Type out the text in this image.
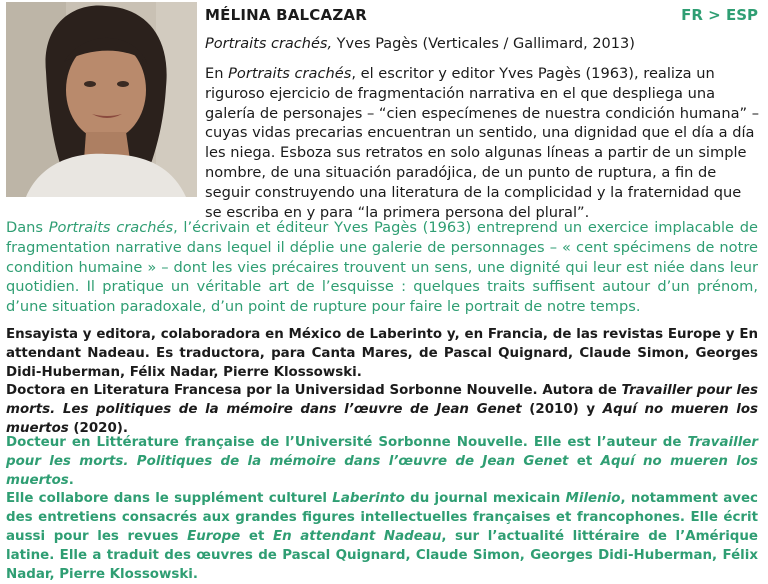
MÉLINA BALCAZAR	FR > ESP

Portraits crachés, Yves Pagès (Verticales / Gallimard, 2013)

En Portraits crachés, el escritor y editor Yves Pagès (1963), realiza un riguroso ejercicio de fragmentación narrativa en el que despliega una galería de personajes – “cien especímenes de nuestra condición humana” – cuyas vidas precarias encuentran un sentido, una dignidad que el día a día les niega. Esboza sus retratos en solo algunas líneas a partir de un simple nombre, de una situación paradójica, de un punto de ruptura, a fin de seguir construyendo una literatura de la complicidad y la fraternidad que se escriba en y para “la primera persona del plural”.

Dans Portraits crachés, l’écrivain et éditeur Yves Pagès (1963) entreprend un exercice implacable de fragmentation narrative dans lequel il déplie une galerie de personnages – « cent spécimens de notre condition humaine » – dont les vies précaires trouvent un sens, une dignité qui leur est niée dans leur quotidien. Il pratique un véritable art de l’esquisse : quelques traits suffisent autour d’un prénom, d’une situation paradoxale, d’un point de rupture pour faire le portrait de notre temps.

Ensayista y editora, colaboradora en México de Laberinto y, en Francia, de las revistas Europe y En attendant Nadeau. Es traductora, para Canta Mares, de Pascal Quignard, Claude Simon, Georges Didi-Huberman, Félix Nadar, Pierre Klossowski.

Doctora en Literatura Francesa por la Universidad Sorbonne Nouvelle. Autora de Travailler pour les morts. Les politiques de la mémoire dans l’œuvre de Jean Genet (2010) y Aquí no mueren los muertos (2020).

Docteur en Littérature française de l’Université Sorbonne Nouvelle. Elle est l’auteur de Travailler pour les morts. Politiques de la mémoire dans l’œuvre de Jean Genet et Aquí no mueren los muertos.

Elle collabore dans le supplément culturel Laberinto du journal mexicain Milenio, notamment avec des entretiens consacrés aux grandes figures intellectuelles françaises et francophones. Elle écrit aussi pour les revues Europe et En attendant Nadeau, sur l’actualité littéraire de l’Amérique latine. Elle a traduit des œuvres de Pascal Quignard, Claude Simon, Georges Didi-Huberman, Félix Nadar, Pierre Klossowski.
